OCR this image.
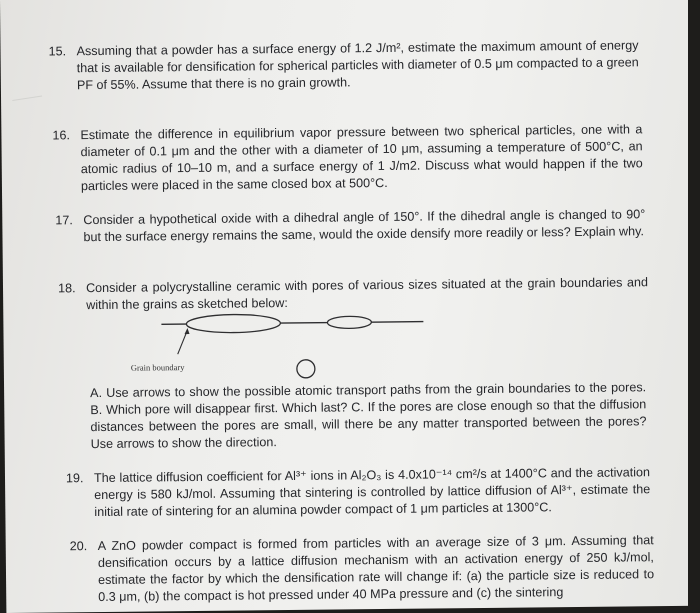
15. Assuming that a powder has a surface energy of 1.2 J/m², estimate the maximum amount of energy that is available for densification for spherical particles with diameter of 0.5 μm compacted to a green PF of 55%. Assume that there is no grain growth.

16. Estimate the difference in equilibrium vapor pressure between two spherical particles, one with a diameter of 0.1 μm and the other with a diameter of 10 μm, assuming a temperature of 500°C, an atomic radius of 10–10 m, and a surface energy of 1 J/m2. Discuss what would happen if the two particles were placed in the same closed box at 500°C.

17. Consider a hypothetical oxide with a dihedral angle of 150°. If the dihedral angle is changed to 90° but the surface energy remains the same, would the oxide densify more readily or less? Explain why.

18. Consider a polycrystalline ceramic with pores of various sizes situated at the grain boundaries and within the grains as sketched below:

Grain boundary
A. Use arrows to show the possible atomic transport paths from the grain boundaries to the pores. B. Which pore will disappear first. Which last? C. If the pores are close enough so that the diffusion distances between the pores are small, will there be any matter transported between the pores? Use arrows to show the direction.
19. The lattice diffusion coefficient for Al³⁺ ions in Al₂O₃ is 4.0x10⁻¹⁴ cm²/s at 1400°C and the activation energy is 580 kJ/mol. Assuming that sintering is controlled by lattice diffusion of Al³⁺, estimate the initial rate of sintering for an alumina powder compact of 1 μm particles at 1300°C.

20. A ZnO powder compact is formed from particles with an average size of 3 μm. Assuming that densification occurs by a lattice diffusion mechanism with an activation energy of 250 kJ/mol, estimate the factor by which the densification rate will change if: (a) the particle size is reduced to 0.3 μm, (b) the compact is hot pressed under 40 MPa pressure and (c) the sintering
